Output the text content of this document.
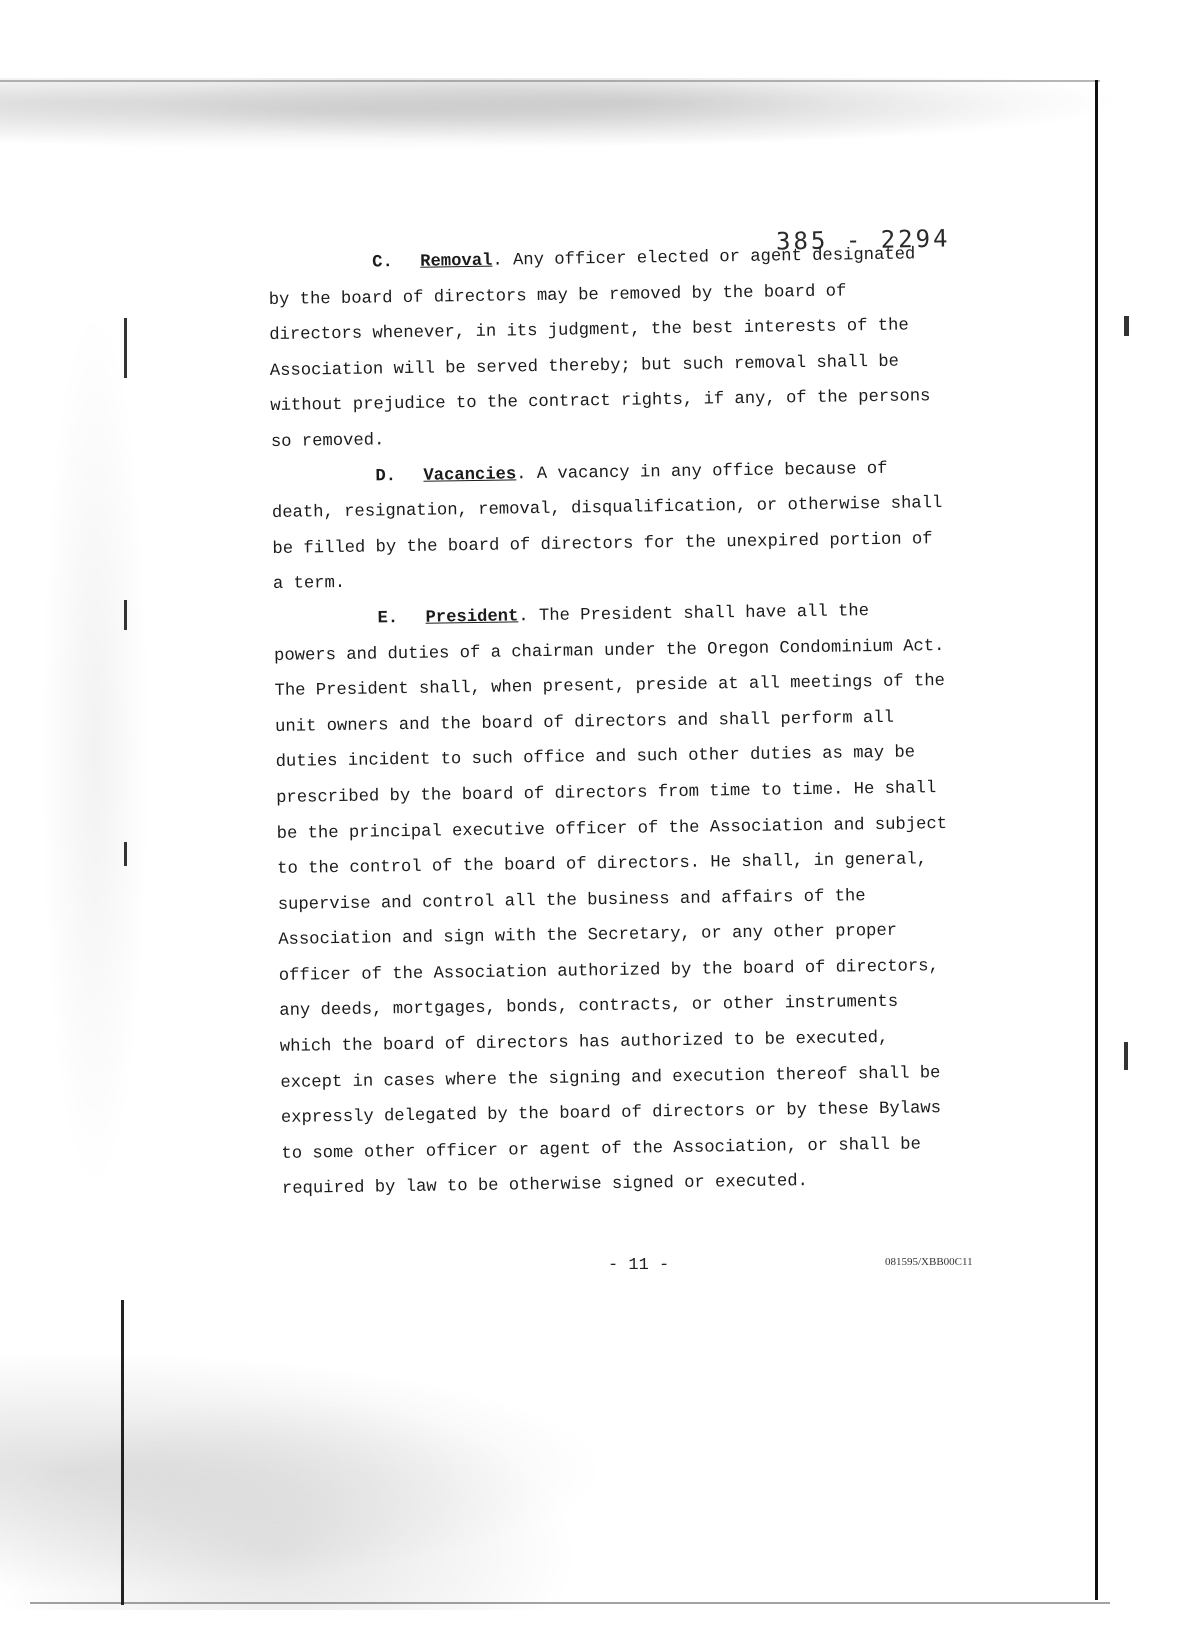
385 - 2294
C. Removal. Any officer elected or agent designated
by the board of directors may be removed by the board of
directors whenever, in its judgment, the best interests of the
Association will be served thereby; but such removal shall be
without prejudice to the contract rights, if any, of the persons
so removed.
D. Vacancies. A vacancy in any office because of
death, resignation, removal, disqualification, or otherwise shall
be filled by the board of directors for the unexpired portion of
a term.
E. President. The President shall have all the
powers and duties of a chairman under the Oregon Condominium Act.
The President shall, when present, preside at all meetings of the
unit owners and the board of directors and shall perform all
duties incident to such office and such other duties as may be
prescribed by the board of directors from time to time. He shall
be the principal executive officer of the Association and subject
to the control of the board of directors. He shall, in general,
supervise and control all the business and affairs of the
Association and sign with the Secretary, or any other proper
officer of the Association authorized by the board of directors,
any deeds, mortgages, bonds, contracts, or other instruments
which the board of directors has authorized to be executed,
except in cases where the signing and execution thereof shall be
expressly delegated by the board of directors or by these Bylaws
to some other officer or agent of the Association, or shall be
required by law to be otherwise signed or executed.
- 11 -	081595/XBB00C11
